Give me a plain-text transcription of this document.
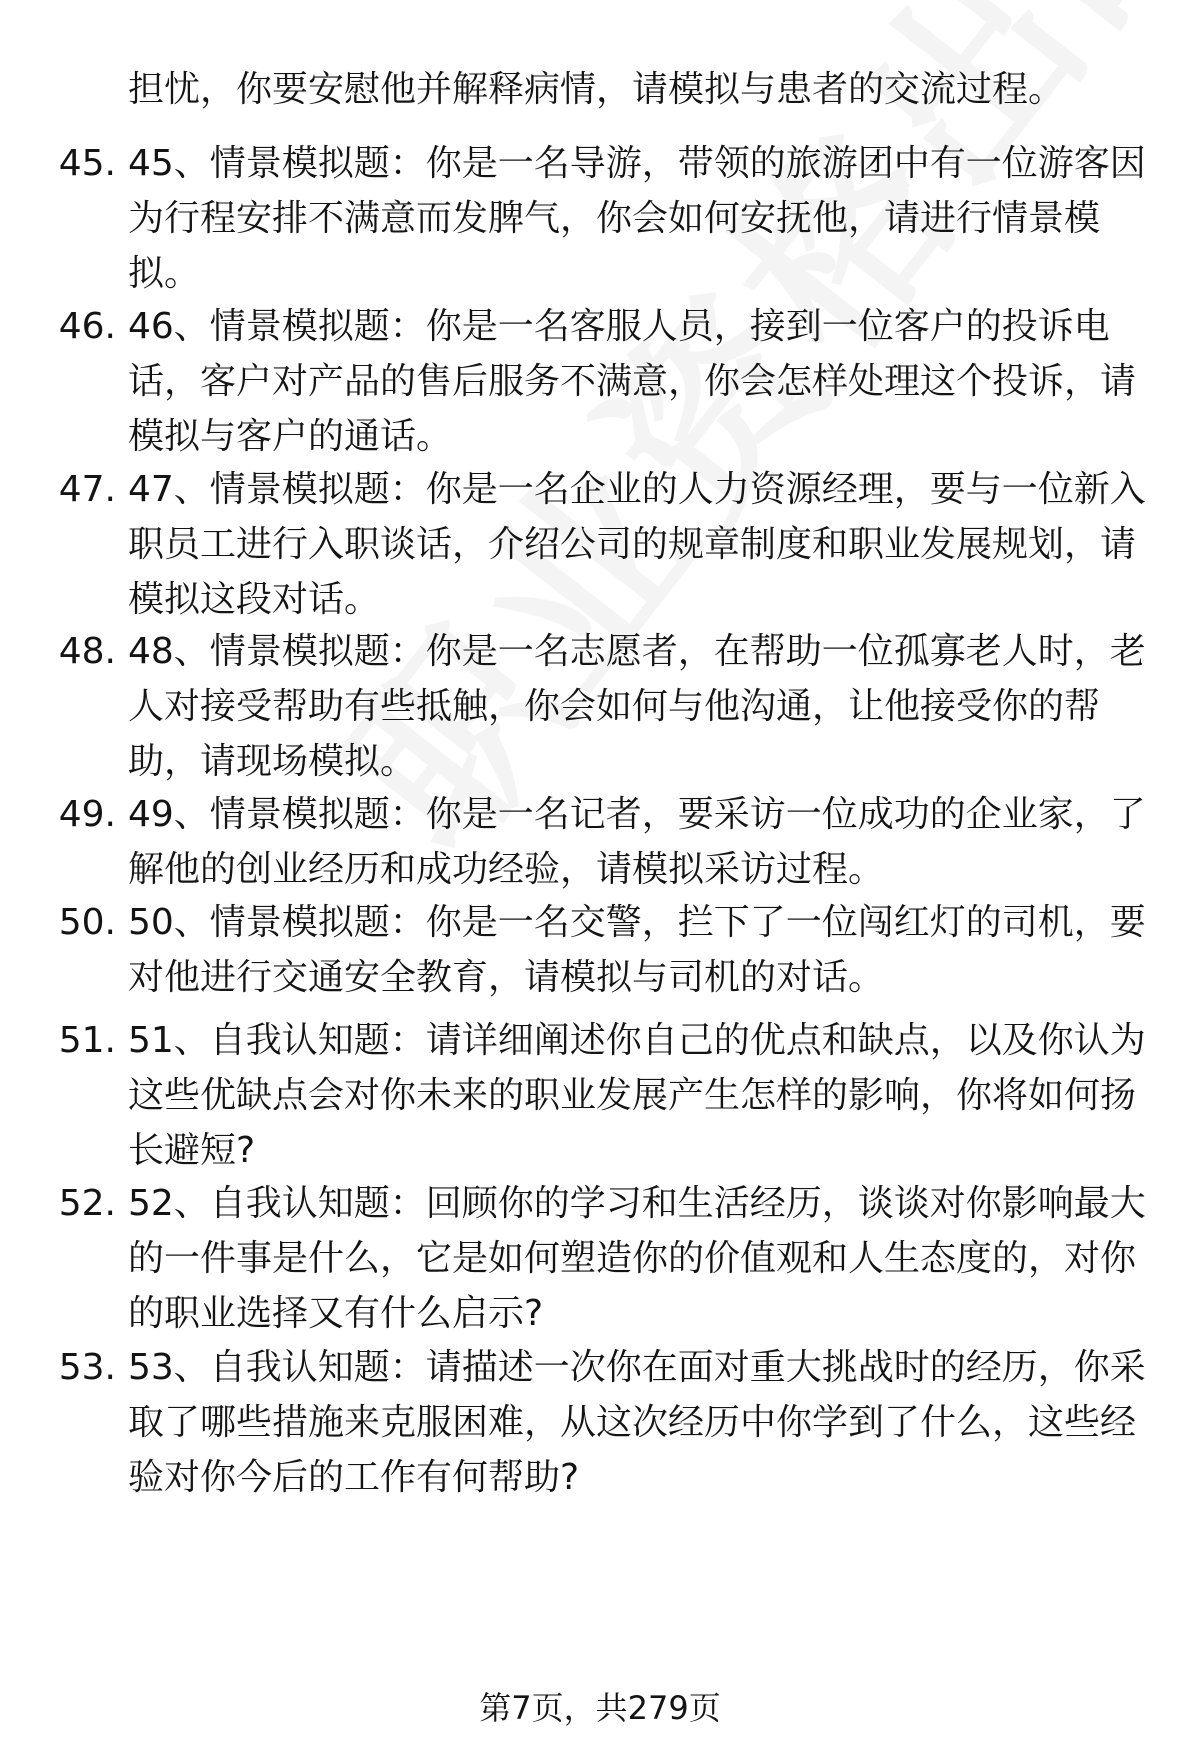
担忧，你要安慰他并解释病情，请模拟与患者的交流过程。
45. 45、情景模拟题：你是一名导游，带领的旅游团中有一位游客因为行程安排不满意而发脾气，你会如何安抚他，请进行情景模拟。
46. 46、情景模拟题：你是一名客服人员，接到一位客户的投诉电话，客户对产品的售后服务不满意，你会怎样处理这个投诉，请模拟与客户的通话。
47. 47、情景模拟题：你是一名企业的人力资源经理，要与一位新入职员工进行入职谈话，介绍公司的规章制度和职业发展规划，请模拟这段对话。
48. 48、情景模拟题：你是一名志愿者，在帮助一位孤寡老人时，老人对接受帮助有些抵触，你会如何与他沟通，让他接受你的帮助，请现场模拟。
49. 49、情景模拟题：你是一名记者，要采访一位成功的企业家，了解他的创业经历和成功经验，请模拟采访过程。
50. 50、情景模拟题：你是一名交警，拦下了一位闯红灯的司机，要对他进行交通安全教育，请模拟与司机的对话。
51. 51、自我认知题：请详细阐述你自己的优点和缺点，以及你认为这些优缺点会对你未来的职业发展产生怎样的影响，你将如何扬长避短?
52. 52、自我认知题：回顾你的学习和生活经历，谈谈对你影响最大的一件事是什么，它是如何塑造你的价值观和人生态度的，对你的职业选择又有什么启示?
53. 53、自我认知题：请描述一次你在面对重大挑战时的经历，你采取了哪些措施来克服困难，从这次经历中你学到了什么，这些经验对你今后的工作有何帮助?
第7页，共279页
